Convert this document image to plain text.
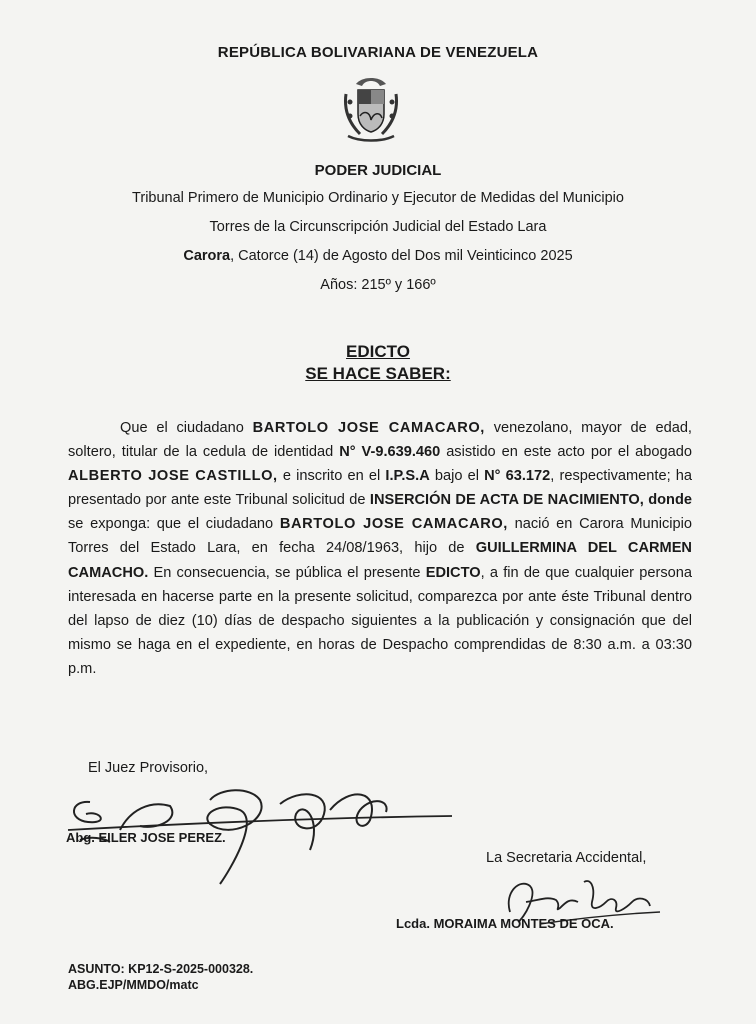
REPÚBLICA BOLIVARIANA DE VENEZUELA
PODER JUDICIAL
Tribunal Primero de Municipio Ordinario y Ejecutor de Medidas del Municipio
Torres de la Circunscripción Judicial del Estado Lara
Carora, Catorce (14) de Agosto del Dos mil Veinticinco 2025
Años: 215º y 166º
EDICTO
SE HACE SABER:
Que el ciudadano BARTOLO JOSE CAMACARO, venezolano, mayor de edad, soltero, titular de la cedula de identidad N° V-9.639.460 asistido en este acto por el abogado ALBERTO JOSE CASTILLO, e inscrito en el I.P.S.A bajo el N° 63.172, respectivamente; ha presentado por ante este Tribunal solicitud de INSERCIÓN DE ACTA DE NACIMIENTO, donde se exponga: que el ciudadano BARTOLO JOSE CAMACARO, nació en Carora Municipio Torres del Estado Lara, en fecha 24/08/1963, hijo de GUILLERMINA DEL CARMEN CAMACHO. En consecuencia, se pública el presente EDICTO, a fin de que cualquier persona interesada en hacerse parte en la presente solicitud, comparezca por ante éste Tribunal dentro del lapso de diez (10) días de despacho siguientes a la publicación y consignación que del mismo se haga en el expediente, en horas de Despacho comprendidas de 8:30 a.m. a 03:30 p.m.
El Juez Provisorio,
Abg. EILER JOSE PEREZ.
La Secretaria Accidental,
Lcda. MORAIMA MONTES DE OCA.
ASUNTO: KP12-S-2025-000328.
ABG.EJP/MMDO/matc
